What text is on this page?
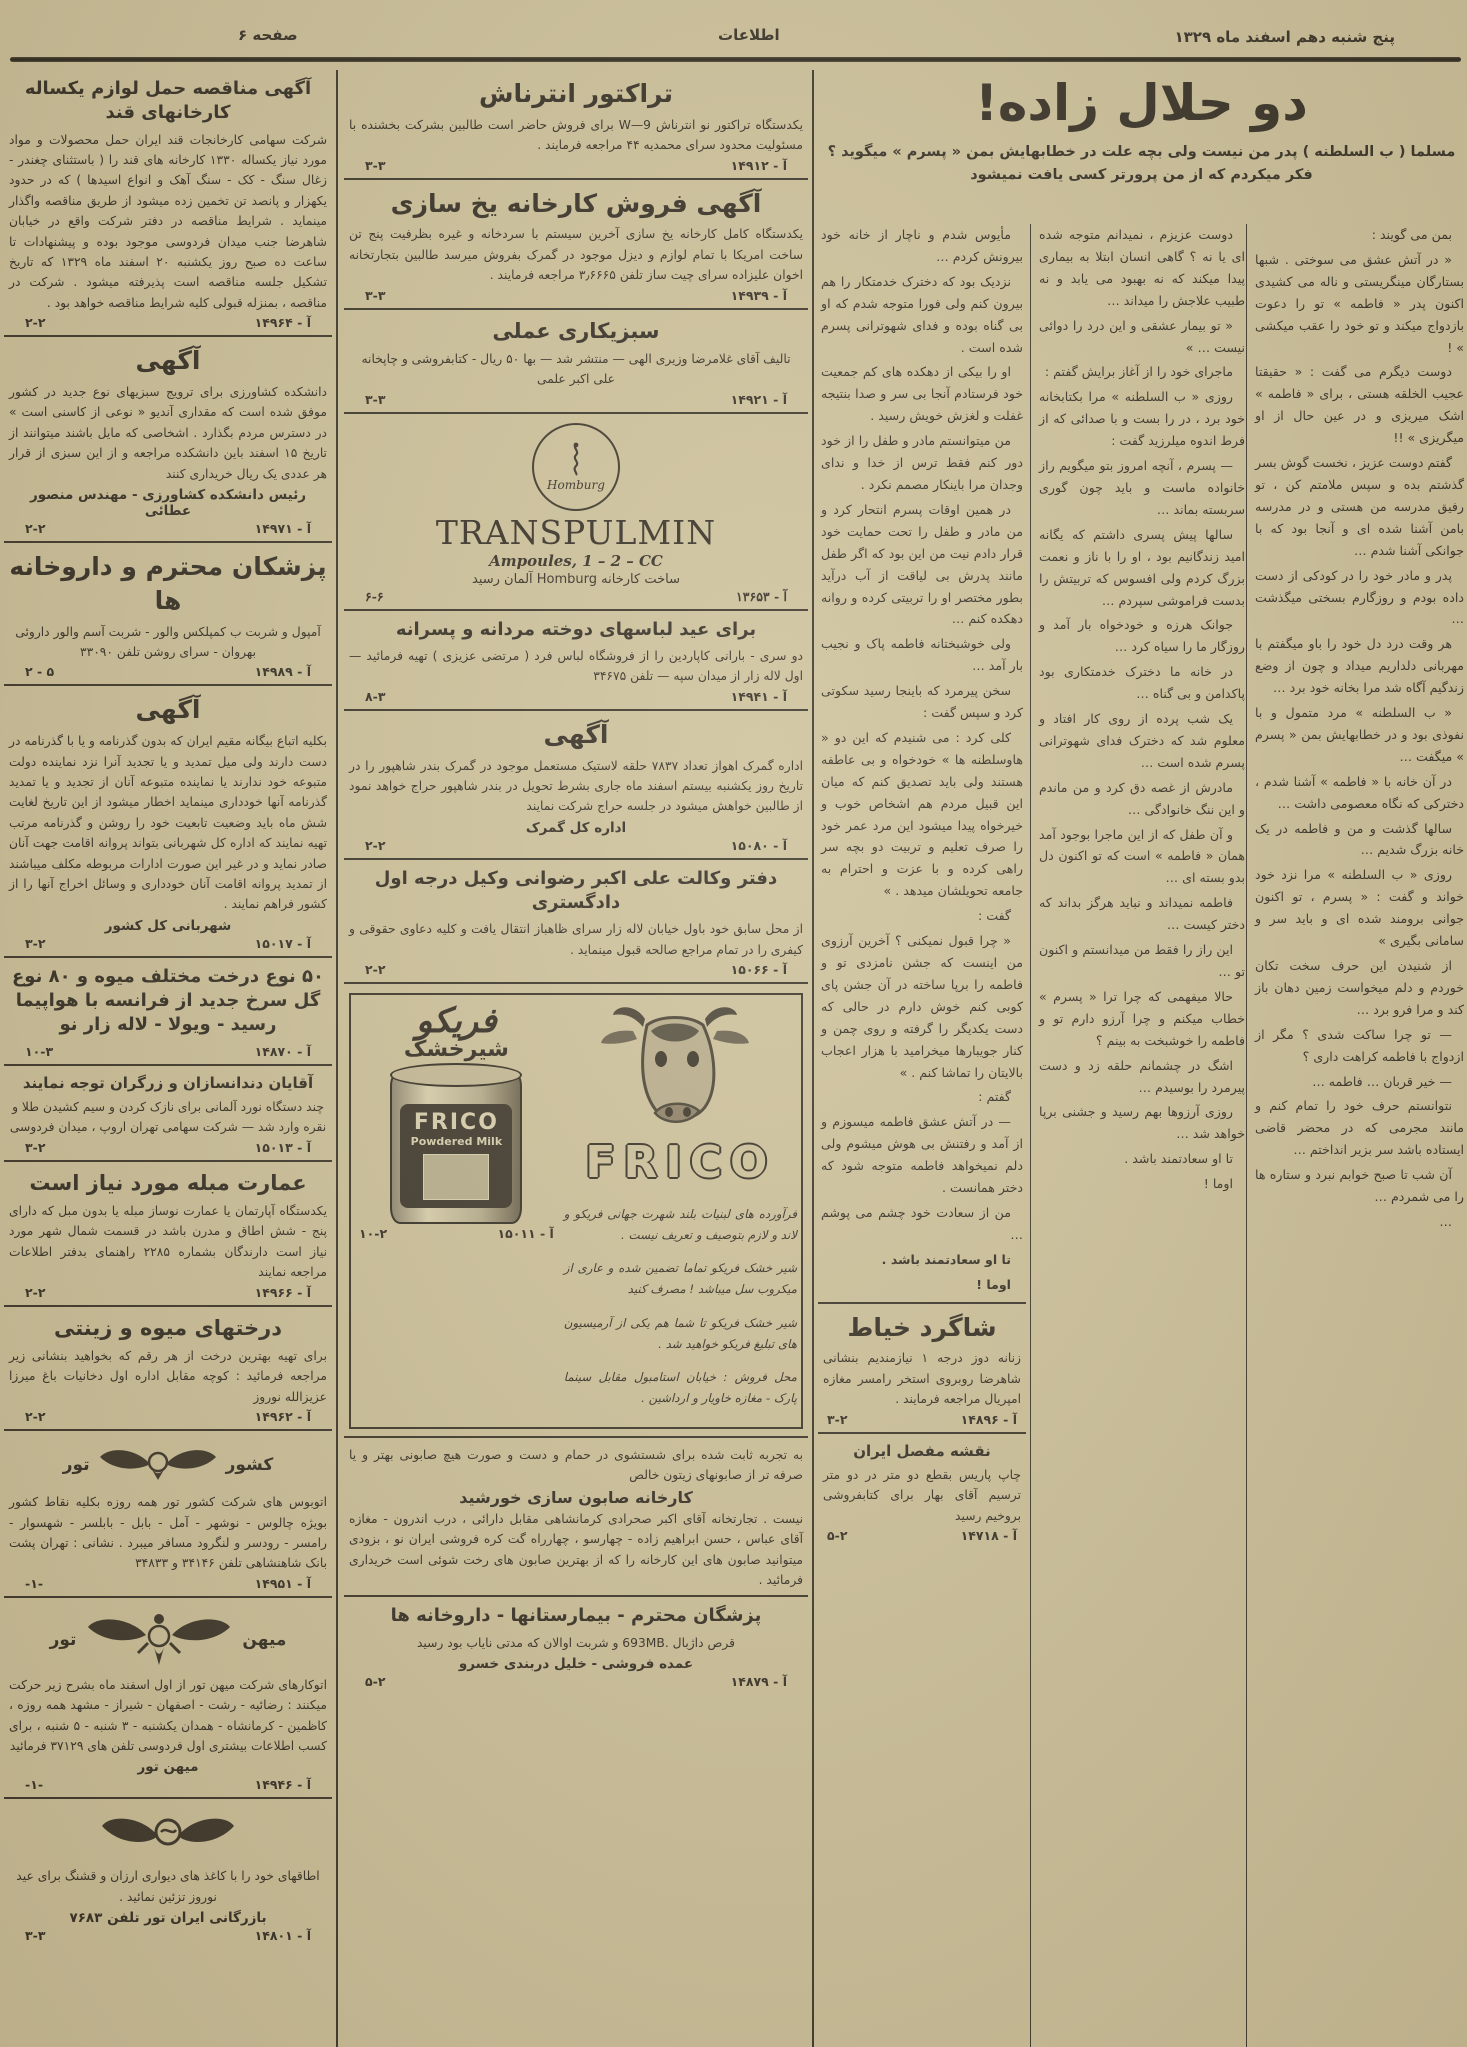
پنج شنبه دهم اسفند ماه ۱۳۲۹
اطلاعات
صفحه ۶
آگهی مناقصه حمل لوازم یکساله کارخانهای قند
شرکت سهامی کارخانجات قند ایران حمل محصولات و مواد مورد نیاز یکساله ۱۳۳۰ کارخانه های قند را ( باستثنای چغندر - زغال سنگ - کک - سنگ آهک و انواع اسیدها ) که در حدود یکهزار و پانصد تن تخمین زده میشود از طریق مناقصه واگذار مینماید . شرایط مناقصه در دفتر شرکت واقع در خیابان شاهرضا جنب میدان فردوسی موجود بوده و پیشنهادات تا ساعت ده صبح روز یکشنبه ۲۰ اسفند ماه ۱۳۲۹ که تاریخ تشکیل جلسه مناقصه است پذیرفته میشود . شرکت در مناقصه ، بمنزله قبولی کلیه شرایط مناقصه خواهد بود .
آ - ۱۴۹۶۴
۲-۲
آگهی
دانشکده کشاورزی برای ترویج سبزیهای نوع جدید در کشور موفق شده است که مقداری آندیو « نوعی از کاسنی است » در دسترس مردم بگذارد . اشخاصی که مایل باشند میتوانند از تاریخ ۱۵ اسفند باین دانشکده مراجعه و از این سبزی از قرار هر عددی یک ریال خریداری کنند
رئیس دانشکده کشاورزی - مهندس منصور عطائی
آ - ۱۴۹۷۱
۲-۲
پزشکان محترم و داروخانه ها
آمپول و شربت ب کمپلکس والور - شربت آسم والور داروئی بهروان - سرای روشن تلفن ۳۳۰۹۰
آ - ۱۴۹۸۹
۵ - ۲
آگهی
بکلیه اتباع بیگانه مقیم ایران که بدون گذرنامه و یا با گذرنامه در دست دارند ولی میل تمدید و یا تجدید آنرا نزد نماینده دولت متبوعه خود ندارند یا نماینده متبوعه آنان از تجدید و یا تمدید گذرنامه آنها خودداری مینماید اخطار میشود از این تاریخ لغایت شش ماه باید وضعیت تابعیت خود را روشن و گذرنامه مرتب تهیه نمایند که اداره کل شهربانی بتواند پروانه اقامت جهت آنان صادر نماید و در غیر این صورت ادارات مربوطه مکلف میباشند از تمدید پروانه اقامت آنان خودداری و وسائل اخراج آنها را از کشور فراهم نمایند .
شهربانی کل کشور
آ - ۱۵۰۱۷
۳-۲
۵۰ نوع درخت مختلف میوه و ۸۰ نوع گل سرخ جدید از فرانسه با هواپیما رسید - ویولا - لاله زار نو
آ - ۱۴۸۷۰
۱۰-۳
آقایان دندانسازان و زرگران توجه نمایند
چند دستگاه نورد آلمانی برای نازک کردن و سیم کشیدن طلا و نقره وارد شد — شرکت سهامی تهران اروپ ، میدان فردوسی
آ - ۱۵۰۱۳
۳-۲
عمارت مبله مورد نیاز است
یکدستگاه آپارتمان یا عمارت نوساز مبله یا بدون مبل که دارای پنج - شش اطاق و مدرن باشد در قسمت شمال شهر مورد نیاز است دارندگان بشماره ۲۲۸۵ راهنمای بدفتر اطلاعات مراجعه نمایند
آ - ۱۴۹۶۶
۲-۲
درختهای میوه و زینتی
برای تهیه بهترین درخت از هر رقم که بخواهید بنشانی زیر مراجعه فرمائید : کوچه مقابل اداره اول دخانیات باغ میرزا عزیزالله نوروز
آ - ۱۴۹۶۲
۲-۲
کشور
تور
اتوبوس های شرکت کشور تور همه روزه بکلیه نقاط کشور بویژه چالوس - نوشهر - آمل - بابل - بابلسر - شهسوار - رامسر - رودسر و لنگرود مسافر میبرد . نشانی : تهران پشت بانک شاهنشاهی تلفن ۳۴۱۴۶ و ۳۴۸۳۳
آ - ۱۴۹۵۱
-۱-
میهن
تور
اتوکارهای شرکت میهن تور از اول اسفند ماه بشرح زیر حرکت میکنند : رضائیه - رشت - اصفهان - شیراز - مشهد همه روزه ، کاظمین - کرمانشاه - همدان یکشنبه - ۳ شنبه - ۵ شنبه ، برای کسب اطلاعات بیشتری اول فردوسی تلفن های ۳۷۱۲۹ فرمائید
میهن تور
آ - ۱۴۹۴۶
-۱-
اطاقهای خود را با کاغذ های دیواری ارزان و قشنگ برای عید نوروز تزئین نمائید .
بازرگانی ایران تور تلفن ۷۶۸۳
آ - ۱۴۸۰۱
۳-۳
تراکتور انترناش
یکدستگاه تراکتور نو انترناش W—9 برای فروش حاضر است طالبین بشرکت بخشنده با مسئولیت محدود سرای محمدیه ۴۴ مراجعه فرمایند .
آ - ۱۴۹۱۲
۳-۳
آگهی فروش کارخانه یخ سازی
یکدستگاه کامل کارخانه یخ سازی آخرین سیستم با سردخانه و غیره بظرفیت پنج تن ساخت امریکا با تمام لوازم و دیزل موجود در گمرک بفروش میرسد طالبین بتجارتخانه اخوان علیزاده سرای چیت ساز تلفن ۳٫۶۶۶۵ مراجعه فرمایند .
آ - ۱۴۹۳۹
۳-۳
سبزیکاری عملی
تالیف آقای غلامرضا وزیری الهی — منتشر شد — بها ۵۰ ریال - کتابفروشی و چاپخانه علی اکبر علمی
آ - ۱۴۹۲۱
۳-۳
Homburg
TRANSPULMIN
Ampoules, 1 – 2 – CC
ساخت کارخانه Homburg آلمان رسید
آ - ۱۳۶۵۳
۶-۶
برای عید لباسهای دوخته مردانه و پسرانه
دو سری - بارانی کاپاردین را از فروشگاه لباس فرد ( مرتضی عزیزی ) تهیه فرمائید — اول لاله زار از میدان سپه — تلفن ۳۴۶۷۵
آ - ۱۴۹۴۱
۸-۳
آگهی
اداره گمرک اهواز تعداد ۷۸۳۷ حلقه لاستیک مستعمل موجود در گمرک بندر شاهپور را در تاریخ روز یکشنبه بیستم اسفند ماه جاری بشرط تحویل در بندر شاهپور حراج خواهد نمود از طالبین خواهش میشود در جلسه حراج شرکت نمایند
اداره کل گمرک
آ - ۱۵۰۸۰
۲-۲
دفتر وکالت علی اکبر رضوانی وکیل درجه اول دادگستری
از محل سابق خود باول خیابان لاله زار سرای ظاهباز انتقال یافت و کلیه دعاوی حقوقی و کیفری را در تمام مراجع صالحه قبول مینماید .
آ - ۱۵۰۶۶
۲-۲
FRICO

فرآورده های لبنیات بلند شهرت جهانی فریکو و لاند و لازم بتوصیف و تعریف نیست .

شیر خشک فریکو تماما تضمین شده و عاری از میکروب سل میباشد ! مصرف کنید

شیر خشک فریکو تا شما هم یکی از آرمیسیون های تبلیغ فریکو خواهید شد .

محل فروش : خیابان استامبول مقابل سینما پارک - مغازه خاویار و ارداشین .

فریکو
شیرخشک
FRICO
Powdered Milk
آ - ۱۵۰۱۱
۱۰-۲
به تجربه ثابت شده برای شستشوی در حمام و دست و صورت هیچ صابونی بهتر و یا صرفه تر از صابونهای زیتون خالص
کارخانه صابون سازی خورشید
نیست . تجارتخانه آقای اکبر صحرادی کرمانشاهی مقابل دارائی ، درب اندرون - مغازه آقای عباس ، حسن ابراهیم زاده - چهارسو ، چهارراه گت کره فروشی ایران نو ، بزودی میتوانید صابون های این کارخانه را که از بهترین صابون های رخت شوئی است خریداری فرمائید .
پزشگان محترم - بیمارستانها - داروخانه ها
قرص داژبال ‎693MB.‎ و شربت اوالان که مدتی نایاب بود رسید
عمده فروشی - خلیل دربندی خسرو
آ - ۱۴۸۷۹
۵-۲
دو حلال زاده!
مسلما ( ب السلطنه ) پدر من نیست ولی بچه علت در خطابهایش بمن « پسرم » میگوید ؟
فکر میکردم که از من پرورتر کسی یافت نمیشود

بمن می گویند :

« در آتش عشق می سوختی . شبها بستارگان مینگریستی و ناله می کشیدی اکنون پدر « فاطمه » تو را دعوت بازدواج میکند و تو خود را عقب میکشی » !

دوست دیگرم می گفت : « حقیقتا عجیب الخلقه هستی ، برای « فاطمه » اشک میریزی و در عین حال از او میگریزی » !!

گفتم دوست عزیز ، نخست گوش بسر گذشتم بده و سپس ملامتم کن ، تو رفیق مدرسه من هستی و در مدرسه بامن آشنا شده ای و آنجا بود که با جوانکی آشنا شدم …

پدر و مادر خود را در کودکی از دست داده بودم و روزگارم بسختی میگذشت …

هر وقت درد دل خود را باو میگفتم با مهربانی دلداریم میداد و چون از وضع زندگیم آگاه شد مرا بخانه خود برد …

« ب السلطنه » مرد متمول و با نفوذی بود و در خطابهایش بمن « پسرم » میگفت …

در آن خانه با « فاطمه » آشنا شدم ، دخترکی که نگاه معصومی داشت …

سالها گذشت و من و فاطمه در یک خانه بزرگ شدیم …

روزی « ب السلطنه » مرا نزد خود خواند و گفت : « پسرم ، تو اکنون جوانی برومند شده ای و باید سر و سامانی بگیری »

از شنیدن این حرف سخت تکان خوردم و دلم میخواست زمین دهان باز کند و مرا فرو برد …

— تو چرا ساکت شدی ؟ مگر از ازدواج با فاطمه کراهت داری ؟

— خیر قربان … فاطمه …

نتوانستم حرف خود را تمام کنم و مانند مجرمی که در محضر قاضی ایستاده باشد سر بزیر انداختم …

آن شب تا صبح خوابم نبرد و ستاره ها را می شمردم …

…

دوست عزیزم ، نمیدانم متوجه شده ای یا نه ؟ گاهی انسان ابتلا به بیماری پیدا میکند که نه بهبود می یابد و نه طبیب علاجش را میداند …

« تو بیمار عشقی و این درد را دوائی نیست … »

ماجرای خود را از آغاز برایش گفتم :

روزی « ب السلطنه » مرا بکتابخانه خود برد ، در را بست و با صدائی که از فرط اندوه میلرزید گفت :

— پسرم ، آنچه امروز بتو میگویم راز خانواده ماست و باید چون گوری سربسته بماند …

سالها پیش پسری داشتم که یگانه امید زندگانیم بود ، او را با ناز و نعمت بزرگ کردم ولی افسوس که تربیتش را بدست فراموشی سپردم …

جوانک هرزه و خودخواه بار آمد و روزگار ما را سیاه کرد …

در خانه ما دخترک خدمتکاری بود پاکدامن و بی گناه …

یک شب پرده از روی کار افتاد و معلوم شد که دخترک فدای شهوترانی پسرم شده است …

مادرش از غصه دق کرد و من ماندم و این ننگ خانوادگی …

و آن طفل که از این ماجرا بوجود آمد همان « فاطمه » است که تو اکنون دل بدو بسته ای …

فاطمه نمیداند و نباید هرگز بداند که دختر کیست …

این راز را فقط من میدانستم و اکنون تو …

حالا میفهمی که چرا ترا « پسرم » خطاب میکنم و چرا آرزو دارم تو و فاطمه را خوشبخت به بینم ؟

اشگ در چشمانم حلقه زد و دست پیرمرد را بوسیدم …

روزی آرزوها بهم رسید و جشنی برپا خواهد شد …

تا او سعادتمند باشد .

اوما !

مأیوس شدم و ناچار از خانه خود بیرونش کردم …

نزدیک بود که دخترک خدمتکار را هم بیرون کنم ولی فورا متوجه شدم که او بی گناه بوده و فدای شهوترانی پسرم شده است .

او را بیکی از دهکده های کم جمعیت خود فرستادم آنجا بی سر و صدا بنتیجه غفلت و لغزش خویش رسید .

من میتوانستم مادر و طفل را از خود دور کنم فقط ترس از خدا و ندای وجدان مرا باینکار مصمم نکرد .

در همین اوقات پسرم انتحار کرد و من مادر و طفل را تحت حمایت خود قرار دادم نیت من این بود که اگر طفل مانند پدرش بی لیاقت از آب درآید بطور مختصر او را تربیتی کرده و روانه دهکده کنم …

ولی خوشبختانه فاطمه پاک و نجیب بار آمد …

سخن پیرمرد که باینجا رسید سکوتی کرد و سپس گفت :

کلی کرد : می شنیدم که این دو « هاوسلطنه ها » خودخواه و بی عاطفه هستند ولی باید تصدیق کنم که میان این قبیل مردم هم اشخاص خوب و خیرخواه پیدا میشود این مرد عمر خود را صرف تعلیم و تربیت دو بچه سر راهی کرده و با عزت و احترام به جامعه تحویلشان میدهد . »

گفت :

« چرا قبول نمیکنی ؟ آخرین آرزوی من اینست که جشن نامزدی تو و فاطمه را برپا ساخته در آن جشن پای کوبی کنم خوش دارم در حالی که دست یکدیگر را گرفته و روی چمن و کنار جویبارها میخرامید با هزار اعجاب بالایتان را تماشا کنم . »

گفتم :

— در آتش عشق فاطمه میسوزم و از آمد و رفتنش بی هوش میشوم ولی دلم نمیخواهد فاطمه متوجه شود که دختر همانست .

من از سعادت خود چشم می پوشم …

تا او سعادتمند باشد .

اوما !

شاگرد خیاط
زنانه دوز درجه ۱ نیازمندیم بنشانی شاهرضا روبروی استخر رامسر مغازه امپریال مراجعه فرمایند .
آ - ۱۴۸۹۶
۳-۲
نقشه مفصل ایران
چاپ پاریس بقطع دو متر در دو متر ترسیم آقای بهار برای کتابفروشی بروخیم رسید
آ - ۱۴۷۱۸
۵-۲
